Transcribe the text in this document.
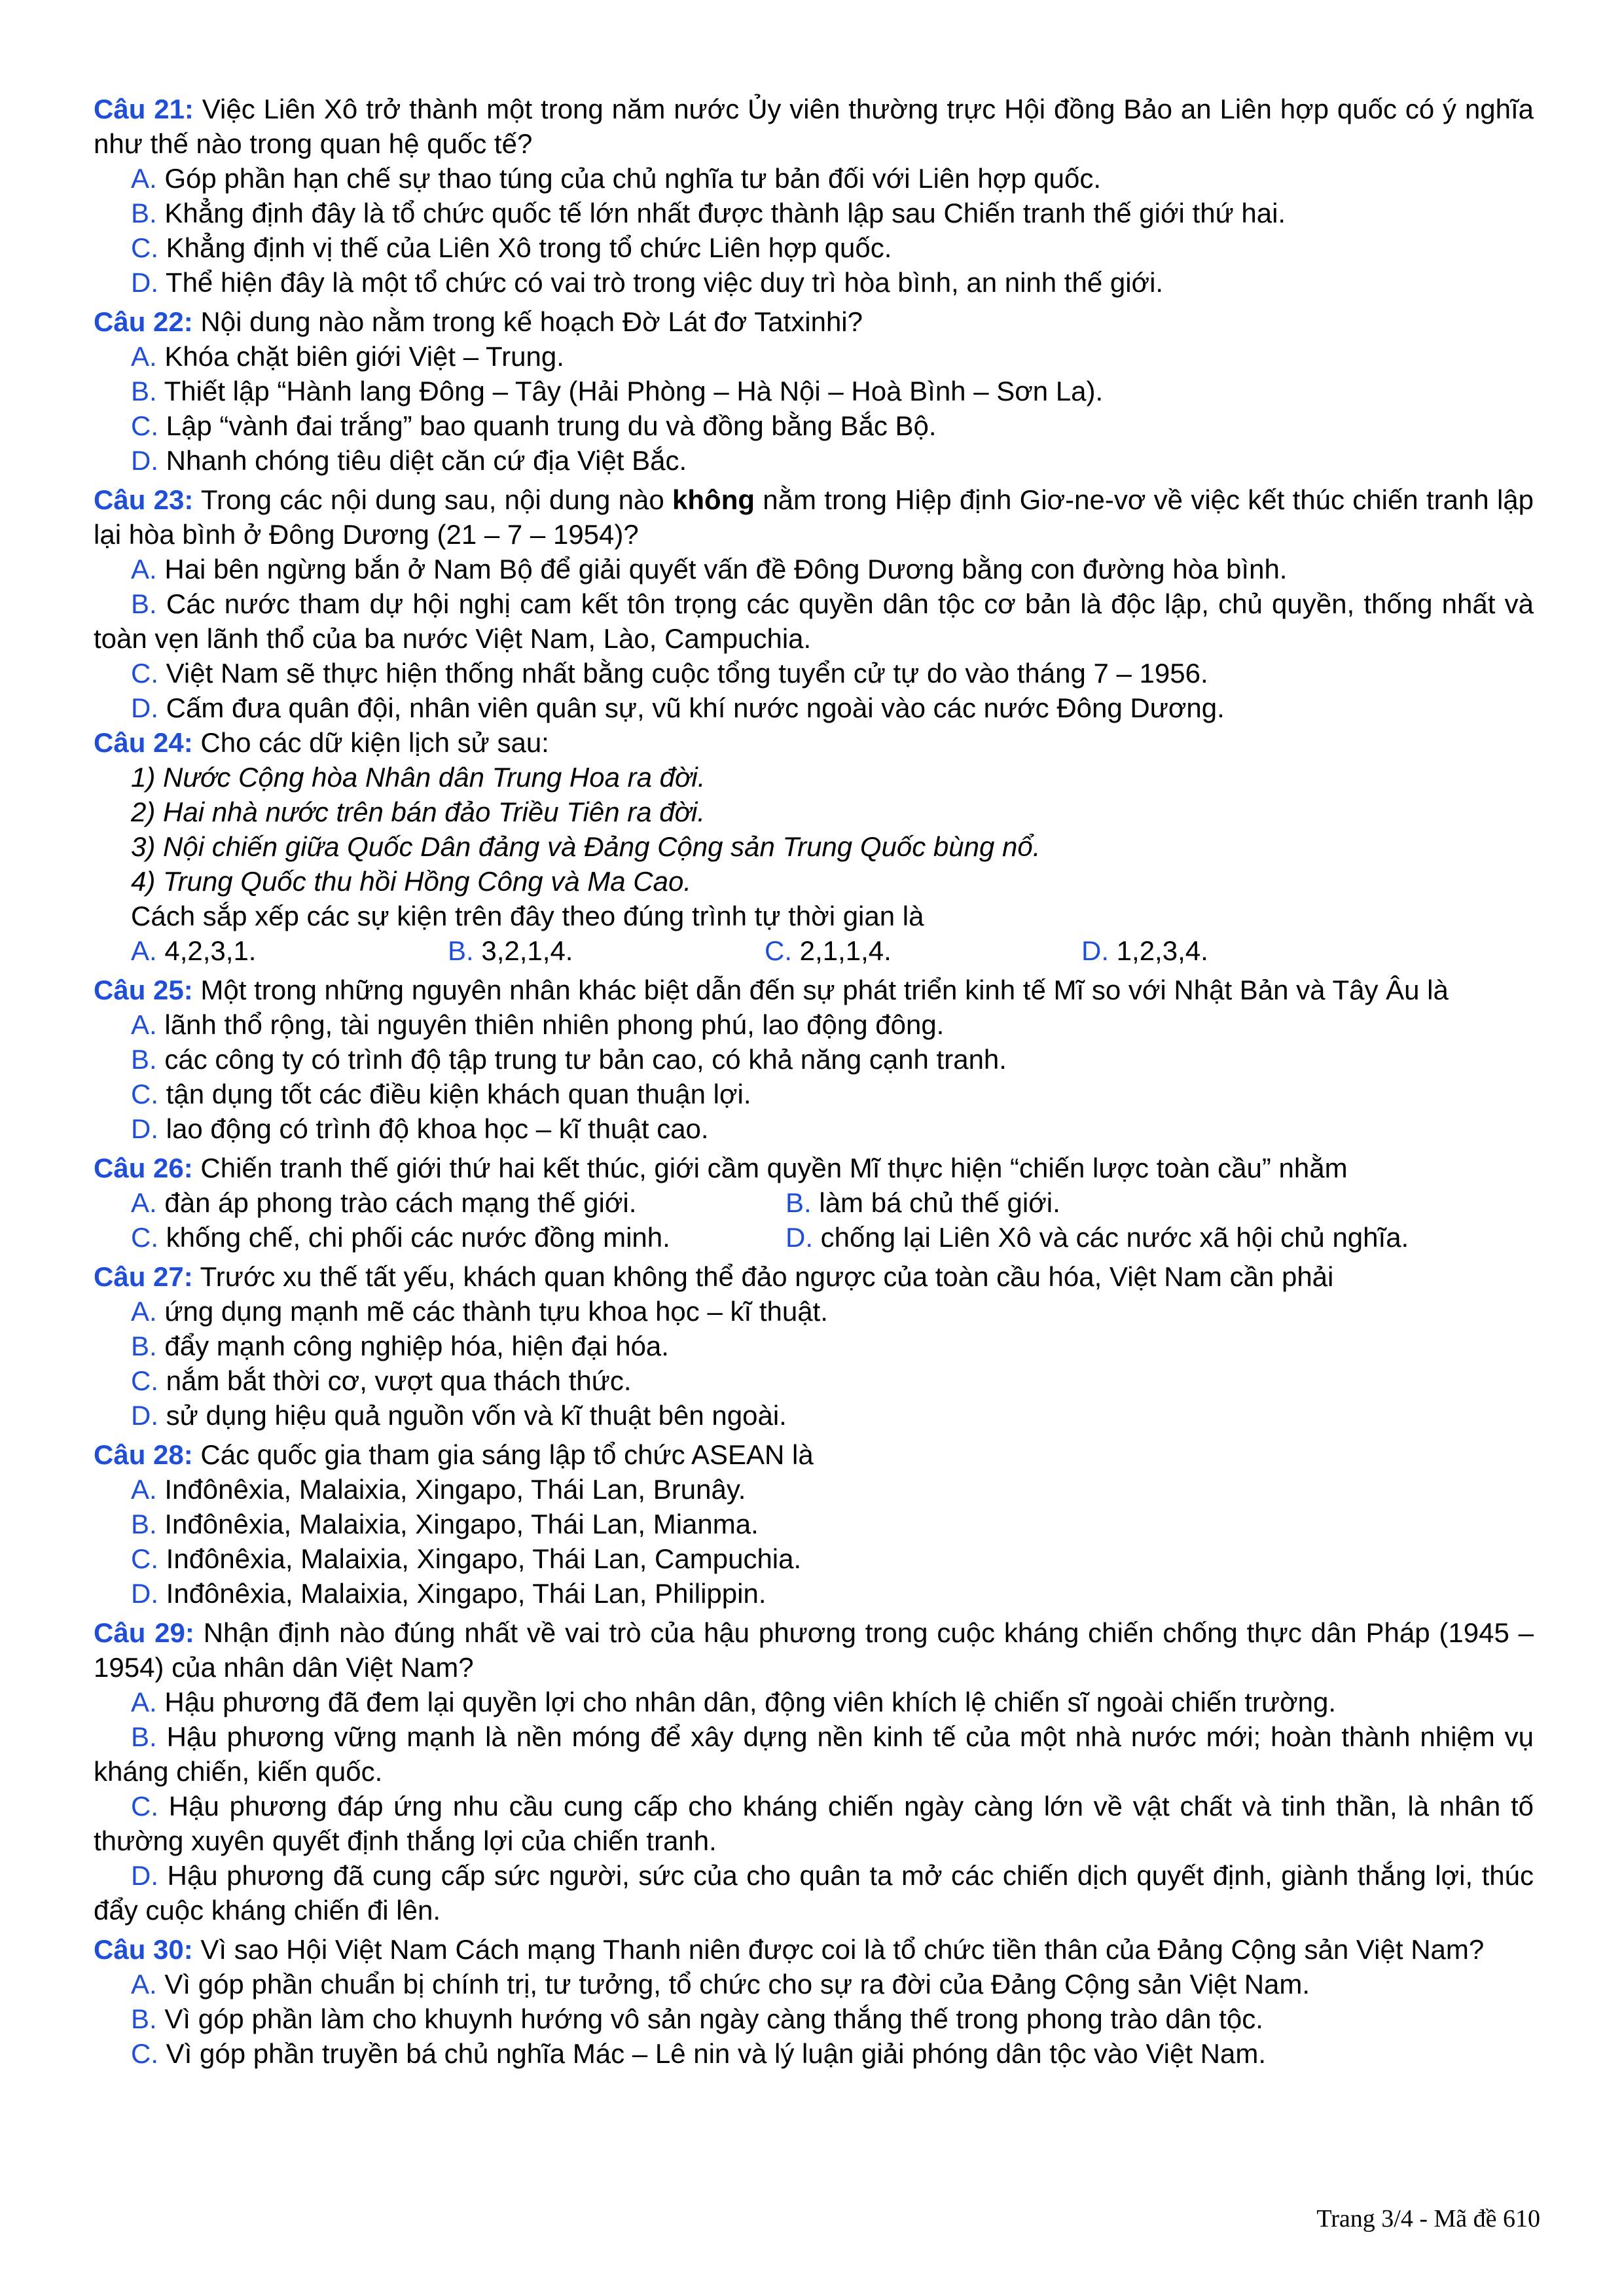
Câu 21: Việc Liên Xô trở thành một trong năm nước Ủy viên thường trực Hội đồng Bảo an Liên hợp quốc có ý nghĩa như thế nào trong quan hệ quốc tế?
A. Góp phần hạn chế sự thao túng của chủ nghĩa tư bản đối với Liên hợp quốc.
B. Khẳng định đây là tổ chức quốc tế lớn nhất được thành lập sau Chiến tranh thế giới thứ hai.
C. Khẳng định vị thế của Liên Xô trong tổ chức Liên hợp quốc.
D. Thể hiện đây là một tổ chức có vai trò trong việc duy trì hòa bình, an ninh thế giới.
Câu 22: Nội dung nào nằm trong kế hoạch Đờ Lát đơ Tatxinhi?
A. Khóa chặt biên giới Việt – Trung.
B. Thiết lập “Hành lang Đông – Tây (Hải Phòng – Hà Nội – Hoà Bình – Sơn La).
C. Lập “vành đai trắng” bao quanh trung du và đồng bằng Bắc Bộ.
D. Nhanh chóng tiêu diệt căn cứ địa Việt Bắc.
Câu 23: Trong các nội dung sau, nội dung nào không nằm trong Hiệp định Giơ-ne-vơ về việc kết thúc chiến tranh lập lại hòa bình ở Đông Dương (21 – 7 – 1954)?
A. Hai bên ngừng bắn ở Nam Bộ để giải quyết vấn đề Đông Dương bằng con đường hòa bình.
B. Các nước tham dự hội nghị cam kết tôn trọng các quyền dân tộc cơ bản là độc lập, chủ quyền, thống nhất và toàn vẹn lãnh thổ của ba nước Việt Nam, Lào, Campuchia.
C. Việt Nam sẽ thực hiện thống nhất bằng cuộc tổng tuyển cử tự do vào tháng 7 – 1956.
D. Cấm đưa quân đội, nhân viên quân sự, vũ khí nước ngoài vào các nước Đông Dương.
Câu 24: Cho các dữ kiện lịch sử sau:
1) Nước Cộng hòa Nhân dân Trung Hoa ra đời.
2) Hai nhà nước trên bán đảo Triều Tiên ra đời.
3) Nội chiến giữa Quốc Dân đảng và Đảng Cộng sản Trung Quốc bùng nổ.
4) Trung Quốc thu hồi Hồng Công và Ma Cao.
Cách sắp xếp các sự kiện trên đây theo đúng trình tự thời gian là
A. 4,2,3,1.	B. 3,2,1,4.	C. 2,1,1,4.	D. 1,2,3,4.
Câu 25: Một trong những nguyên nhân khác biệt dẫn đến sự phát triển kinh tế Mĩ so với Nhật Bản và Tây Âu là
A. lãnh thổ rộng, tài nguyên thiên nhiên phong phú, lao động đông.
B. các công ty có trình độ tập trung tư bản cao, có khả năng cạnh tranh.
C. tận dụng tốt các điều kiện khách quan thuận lợi.
D. lao động có trình độ khoa học – kĩ thuật cao.
Câu 26: Chiến tranh thế giới thứ hai kết thúc, giới cầm quyền Mĩ thực hiện “chiến lược toàn cầu” nhằm
A. đàn áp phong trào cách mạng thế giới.	B. làm bá chủ thế giới.
C. khống chế, chi phối các nước đồng minh.	D. chống lại Liên Xô và các nước xã hội chủ nghĩa.
Câu 27: Trước xu thế tất yếu, khách quan không thể đảo ngược của toàn cầu hóa, Việt Nam cần phải
A. ứng dụng mạnh mẽ các thành tựu khoa học – kĩ thuật.
B. đẩy mạnh công nghiệp hóa, hiện đại hóa.
C. nắm bắt thời cơ, vượt qua thách thức.
D. sử dụng hiệu quả nguồn vốn và kĩ thuật bên ngoài.
Câu 28: Các quốc gia tham gia sáng lập tổ chức ASEAN là
A. Inđônêxia, Malaixia, Xingapo, Thái Lan, Brunây.
B. Inđônêxia, Malaixia, Xingapo, Thái Lan, Mianma.
C. Inđônêxia, Malaixia, Xingapo, Thái Lan, Campuchia.
D. Inđônêxia, Malaixia, Xingapo, Thái Lan, Philippin.
Câu 29: Nhận định nào đúng nhất về vai trò của hậu phương trong cuộc kháng chiến chống thực dân Pháp (1945 – 1954) của nhân dân Việt Nam?
A. Hậu phương đã đem lại quyền lợi cho nhân dân, động viên khích lệ chiến sĩ ngoài chiến trường.
B. Hậu phương vững mạnh là nền móng để xây dựng nền kinh tế của một nhà nước mới; hoàn thành nhiệm vụ kháng chiến, kiến quốc.
C. Hậu phương đáp ứng nhu cầu cung cấp cho kháng chiến ngày càng lớn về vật chất và tinh thần, là nhân tố thường xuyên quyết định thắng lợi của chiến tranh.
D. Hậu phương đã cung cấp sức người, sức của cho quân ta mở các chiến dịch quyết định, giành thắng lợi, thúc đẩy cuộc kháng chiến đi lên.
Câu 30: Vì sao Hội Việt Nam Cách mạng Thanh niên được coi là tổ chức tiền thân của Đảng Cộng sản Việt Nam?
A. Vì góp phần chuẩn bị chính trị, tư tưởng, tổ chức cho sự ra đời của Đảng Cộng sản Việt Nam.
B. Vì góp phần làm cho khuynh hướng vô sản ngày càng thắng thế trong phong trào dân tộc.
C. Vì góp phần truyền bá chủ nghĩa Mác – Lê nin và lý luận giải phóng dân tộc vào Việt Nam.
Trang 3/4 - Mã đề 610
